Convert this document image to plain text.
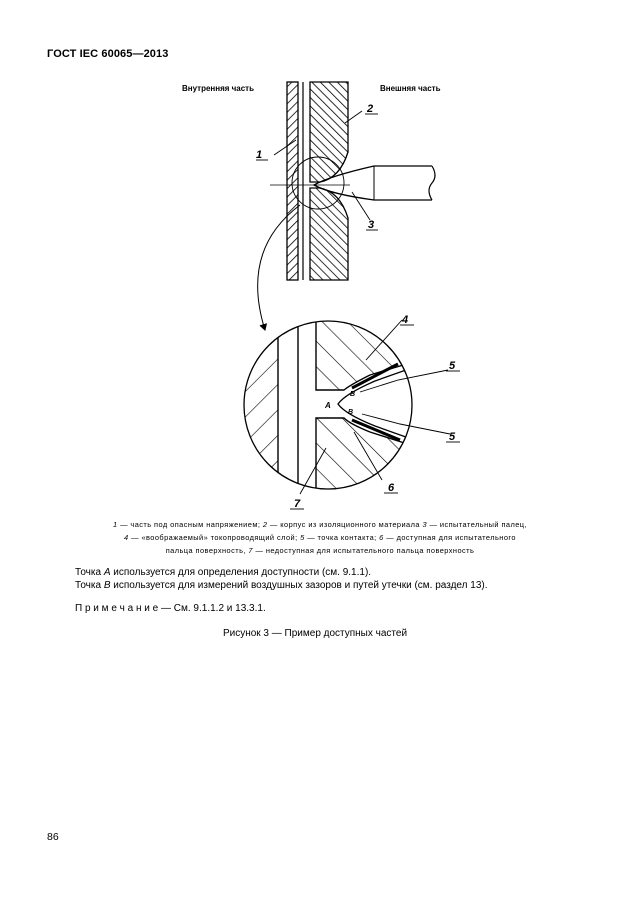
ГОСТ IEC 60065—2013
Внутренняя часть	Внешняя часть
1
2
3
4
5
5
6
7
A
B
B
1 — часть под опасным напряжением; 2 — корпус из изоляционного материала 3 — испытательный палец,
4 — «воображаемый» токопроводящий слой; 5 — точка контакта; 6 — доступная для испытательного
пальца поверхность, 7 — недоступная для испытательного пальца поверхность
Точка A используется для определения доступности (см. 9.1.1).
Точка B используется для измерений воздушных зазоров и путей утечки (см. раздел 13).
П р и м е ч а н и е — См. 9.1.1.2 и 13.3.1.
Рисунок 3 — Пример доступных частей
86
